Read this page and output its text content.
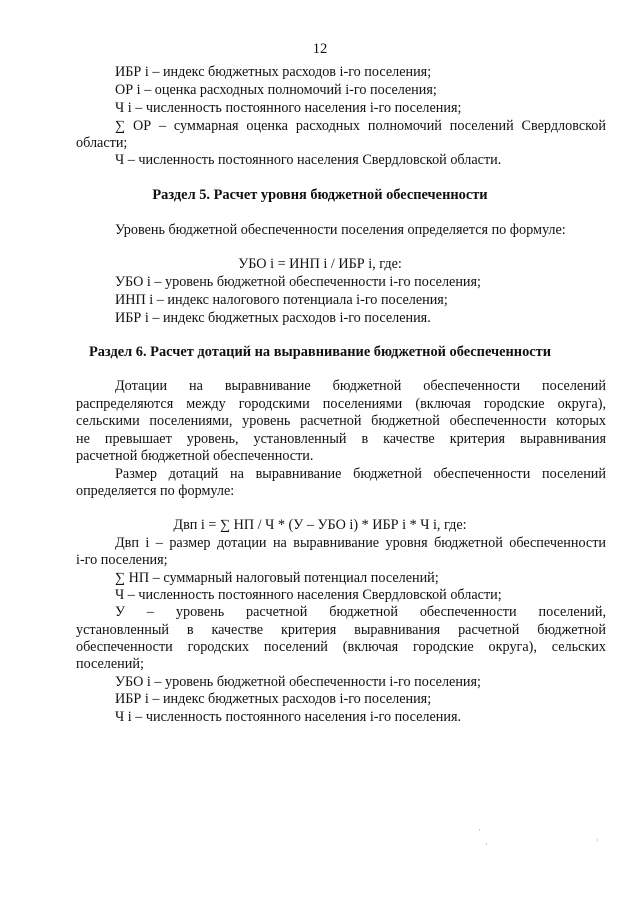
12
ИБР i – индекс бюджетных расходов i-го поселения;
ОР i – оценка расходных полномочий i-го поселения;
Ч i – численность постоянного населения i-го поселения;
∑ ОР – суммарная оценка расходных полномочий поселений Свердловской
области;
Ч – численность постоянного населения Свердловской области.
Раздел 5. Расчет уровня бюджетной обеспеченности
Уровень бюджетной обеспеченности поселения определяется по формуле:
УБО i = ИНП i / ИБР i, где:
УБО i – уровень бюджетной обеспеченности i-го поселения;
ИНП i – индекс налогового потенциала i-го поселения;
ИБР i – индекс бюджетных расходов i-го поселения.
Раздел 6. Расчет дотаций на выравнивание бюджетной обеспеченности
Дотации на выравнивание бюджетной обеспеченности поселений
распределяются между городскими поселениями (включая городские округа),
сельскими поселениями, уровень расчетной бюджетной обеспеченности которых
не превышает уровень, установленный в качестве критерия выравнивания
расчетной бюджетной обеспеченности.
Размер дотаций на выравнивание бюджетной обеспеченности поселений
определяется по формуле:
Двп i = ∑ НП / Ч * (У – УБО i) * ИБР i * Ч i, где:
Двп i – размер дотации на выравнивание уровня бюджетной обеспеченности
i-го поселения;
∑ НП – суммарный налоговый потенциал поселений;
Ч – численность постоянного населения Свердловской области;
У – уровень расчетной бюджетной обеспеченности поселений,
установленный в качестве критерия выравнивания расчетной бюджетной
обеспеченности городских поселений (включая городские округа), сельских
поселений;
УБО i – уровень бюджетной обеспеченности i-го поселения;
ИБР i – индекс бюджетных расходов i-го поселения;
Ч i – численность постоянного населения i-го поселения.
·
·	·
